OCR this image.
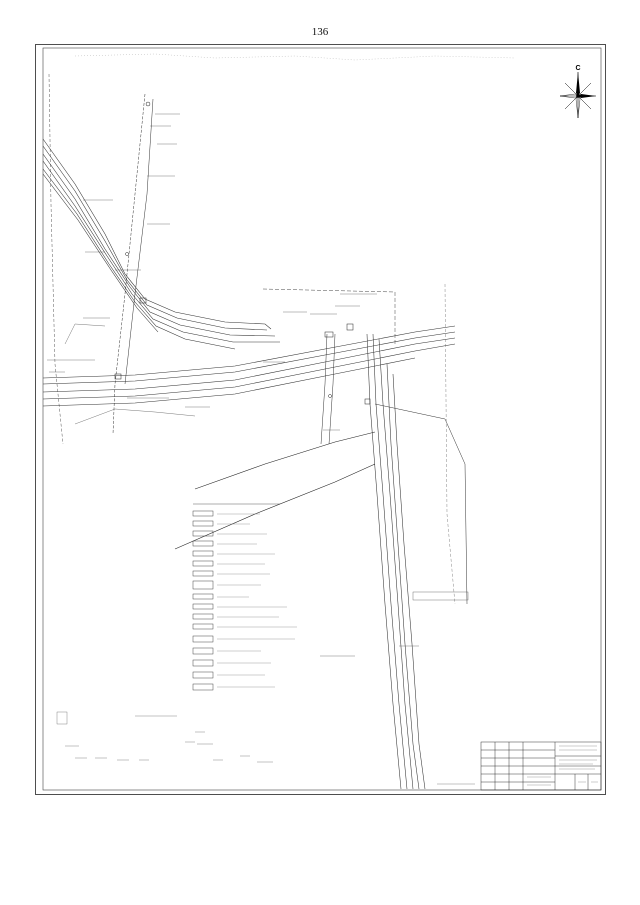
136
С
